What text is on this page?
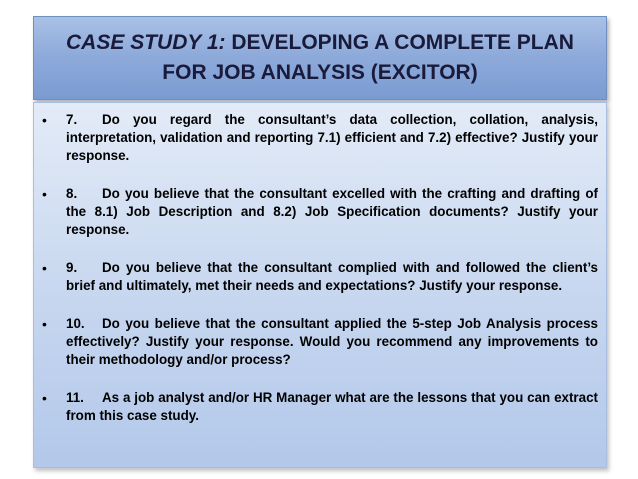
CASE STUDY 1: DEVELOPING A COMPLETE PLAN
FOR JOB ANALYSIS (EXCITOR)
•	7. Do you regard the consultant’s data collection, collation, analysis, interpretation, validation and reporting 7.1) efficient and 7.2) effective? Justify your response.
•	8. Do you believe that the consultant excelled with the crafting and drafting of the 8.1) Job Description and 8.2) Job Specification documents? Justify your response.
•	9. Do you believe that the consultant complied with and followed the client’s brief and ultimately, met their needs and expectations? Justify your response.
•	10. Do you believe that the consultant applied the 5-step Job Analysis process effectively? Justify your response. Would you recommend any improvements to their methodology and/or process?
•	11. As a job analyst and/or HR Manager what are the lessons that you can extract from this case study.
